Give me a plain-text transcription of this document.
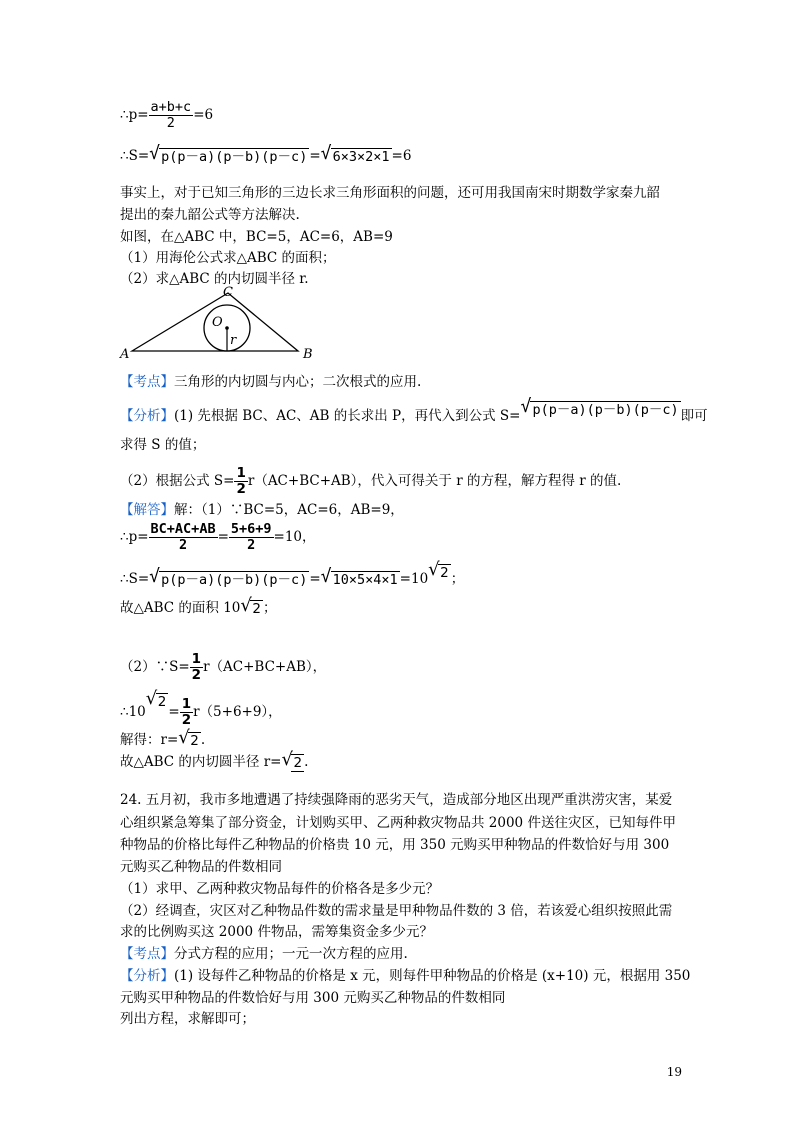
∴p= $\frac{a+b+c}{2} =6$
∴S= √ p(p－a)(p－b)(p－c) = √ 6×3×2×1 =6
事实上，对于已知三角形的三边长求三角形面积的问题，还可用我国南宋时期数学家秦九韶
提出的秦九韶公式等方法解决.
如图，在△ABC 中，BC=5，AC=6，AB=9
（1）用海伦公式求△ABC 的面积；
（2）求△ABC 的内切圆半径 r.
A	B
C
O
r
【考点】三角形的内切圆与内心；二次根式的应用.
【分析】(1) 先根据 BC、AC、AB 的长求出 P，再代入到公式 S= √ p(p－a)(p－b)(p－c) 即可
求得 S 的值；
（2）根据公式 $S= \frac{1}{2} r(AC+BC+AB)$，代入可得关于 r 的方程，解方程得 r 的值.
【解答】解：（1）∵BC=5，AC=6，AB=9，
∴p= $\frac{BC+AC+AB}{2} = \frac{5+6+9}{2} =10$，
∴S= √ p(p－a)(p－b)(p－c) = √ 10×5×4×1 =10 √ 2 ；
故△ABC 的面积 10 √ 2 ；
（2）∵S= $\frac{1}{2} r(AC+BC+AB)$，
∴10
√ $2= \frac{1}{2} r(5+6+9)$，
解得：r= √ 2 .
故△ABC 的内切圆半径 r= √ 2 .
24. 五月初，我市多地遭遇了持续强降雨的恶劣天气，造成部分地区出现严重洪涝灾害，某爱
心组织紧急筹集了部分资金，计划购买甲、乙两种救灾物品共 2000 件送往灾区，已知每件甲
种物品的价格比每件乙种物品的价格贵 10 元，用 350 元购买甲种物品的件数恰好与用 300
元购买乙种物品的件数相同
（1）求甲、乙两种救灾物品每件的价格各是多少元？
（2）经调查，灾区对乙种物品件数的需求量是甲种物品件数的 3 倍，若该爱心组织按照此需
求的比例购买这 2000 件物品，需筹集资金多少元？
【考点】分式方程的应用；一元一次方程的应用.
【分析】(1) 设每件乙种物品的价格是 x 元，则每件甲种物品的价格是 (x+10) 元，根据用 350
元购买甲种物品的件数恰好与用 300 元购买乙种物品的件数相同
列出方程，求解即可；
19
